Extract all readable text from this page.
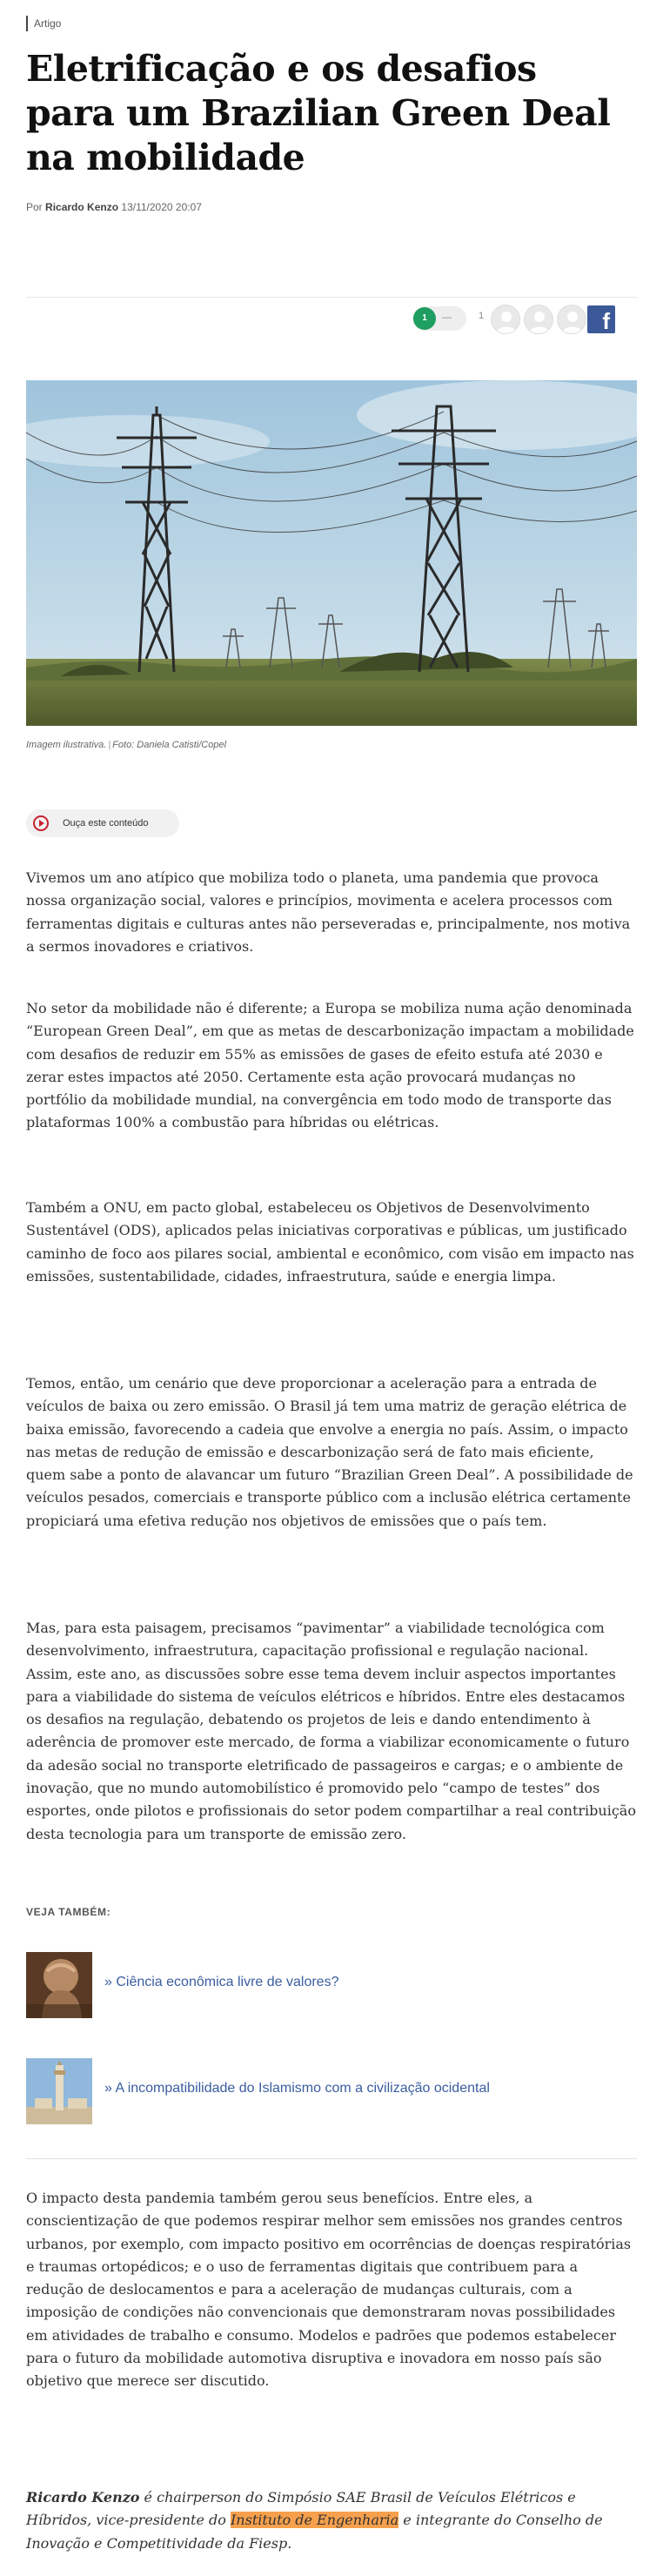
Artigo
Eletrificação e os desafios para um Brazilian Green Deal na mobilidade
Por Ricardo Kenzo 13/11/2020 20:07
1	—	1	f
Imagem ilustrativa. | Foto: Daniela Catisti/Copel
Ouça este conteúdo

Vivemos um ano atípico que mobiliza todo o planeta, uma pandemia que provoca nossa organização social, valores e princípios, movimenta e acelera processos com ferramentas digitais e culturas antes não perseveradas e, principalmente, nos motiva a sermos inovadores e criativos.

No setor da mobilidade não é diferente; a Europa se mobiliza numa ação denominada “European Green Deal”, em que as metas de descarbonização impactam a mobilidade com desafios de reduzir em 55% as emissões de gases de efeito estufa até 2030 e zerar estes impactos até 2050. Certamente esta ação provocará mudanças no portfólio da mobilidade mundial, na convergência em todo modo de transporte das plataformas 100% a combustão para híbridas ou elétricas.

Também a ONU, em pacto global, estabeleceu os Objetivos de Desenvolvimento Sustentável (ODS), aplicados pelas iniciativas corporativas e públicas, um justificado caminho de foco aos pilares social, ambiental e econômico, com visão em impacto nas emissões, sustentabilidade, cidades, infraestrutura, saúde e energia limpa.

Temos, então, um cenário que deve proporcionar a aceleração para a entrada de veículos de baixa ou zero emissão. O Brasil já tem uma matriz de geração elétrica de baixa emissão, favorecendo a cadeia que envolve a energia no país. Assim, o impacto nas metas de redução de emissão e descarbonização será de fato mais eficiente, quem sabe a ponto de alavancar um futuro “Brazilian Green Deal”. A possibilidade de veículos pesados, comerciais e transporte público com a inclusão elétrica certamente propiciará uma efetiva redução nos objetivos de emissões que o país tem.

Mas, para esta paisagem, precisamos “pavimentar” a viabilidade tecnológica com desenvolvimento, infraestrutura, capacitação profissional e regulação nacional. Assim, este ano, as discussões sobre esse tema devem incluir aspectos importantes para a viabilidade do sistema de veículos elétricos e híbridos. Entre eles destacamos os desafios na regulação, debatendo os projetos de leis e dando entendimento à aderência de promover este mercado, de forma a viabilizar economicamente o futuro da adesão social no transporte eletrificado de passageiros e cargas; e o ambiente de inovação, que no mundo automobilístico é promovido pelo “campo de testes” dos esportes, onde pilotos e profissionais do setor podem compartilhar a real contribuição desta tecnologia para um transporte de emissão zero.

VEJA TAMBÉM:
» Ciência econômica livre de valores?
» A incompatibilidade do Islamismo com a civilização ocidental

O impacto desta pandemia também gerou seus benefícios. Entre eles, a conscientização de que podemos respirar melhor sem emissões nos grandes centros urbanos, por exemplo, com impacto positivo em ocorrências de doenças respiratórias e traumas ortopédicos; e o uso de ferramentas digitais que contribuem para a redução de deslocamentos e para a aceleração de mudanças culturais, com a imposição de condições não convencionais que demonstraram novas possibilidades em atividades de trabalho e consumo. Modelos e padrões que podemos estabelecer para o futuro da mobilidade automotiva disruptiva e inovadora em nosso país são objetivo que merece ser discutido.

Ricardo Kenzo é chairperson do Simpósio SAE Brasil de Veículos Elétricos e Híbridos, vice-presidente do Instituto de Engenharia e integrante do Conselho de Inovação e Competitividade da Fiesp.
